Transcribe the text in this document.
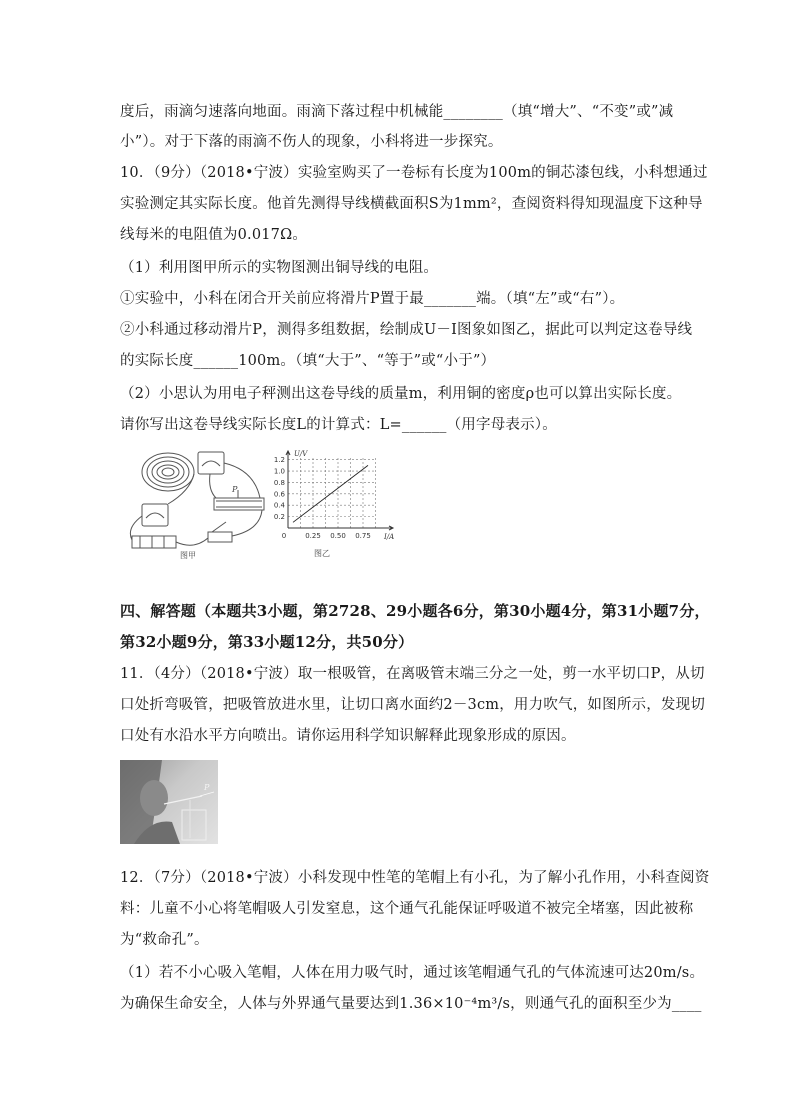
度后，雨滴匀速落向地面。雨滴下落过程中机械能________（填“增大”、“不变”或”减
小”）。对于下落的雨滴不伤人的现象，小科将进一步探究。
10．（9分）（2018•宁波）实验室购买了一卷标有长度为100m的铜芯漆包线，小科想通过
实验测定其实际长度。他首先测得导线横截面积S为1mm²，查阅资料得知现温度下这种导
线每米的电阻值为0.017Ω。
（1）利用图甲所示的实物图测出铜导线的电阻。
①实验中，小科在闭合开关前应将滑片P置于最_______端。（填“左”或“右”）。
②小科通过移动滑片P，测得多组数据，绘制成U－I图象如图乙，据此可以判定这卷导线
的实际长度______100m。（填“大于”、“等于”或“小于”）
（2）小思认为用电子秤测出这卷导线的质量m，利用铜的密度ρ也可以算出实际长度。
请你写出这卷导线实际长度L的计算式：L=______（用字母表示）。
P
图甲
0.2
0.4
0.6
0.8
1.0
1.2
0	0.25 0.50 0.75
U/V
I/A
图乙
四、解答题（本题共3小题，第2728、29小题各6分，第30小题4分，第31小题7分，
第32小题9分，第33小题12分，共50分）
11．（4分）（2018•宁波）取一根吸管，在离吸管末端三分之一处，剪一水平切口P，从切
口处折弯吸管，把吸管放进水里，让切口离水面约2－3cm，用力吹气，如图所示，发现切
口处有水沿水平方向喷出。请你运用科学知识解释此现象形成的原因。
P
12．（7分）（2018•宁波）小科发现中性笔的笔帽上有小孔，为了解小孔作用，小科查阅资
料：儿童不小心将笔帽吸人引发窒息，这个通气孔能保证呼吸道不被完全堵塞，因此被称
为“救命孔”。
（1）若不小心吸入笔帽，人体在用力吸气时，通过该笔帽通气孔的气体流速可达20m/s。
为确保生命安全，人体与外界通气量要达到1.36×10⁻⁴m³/s，则通气孔的面积至少为____
